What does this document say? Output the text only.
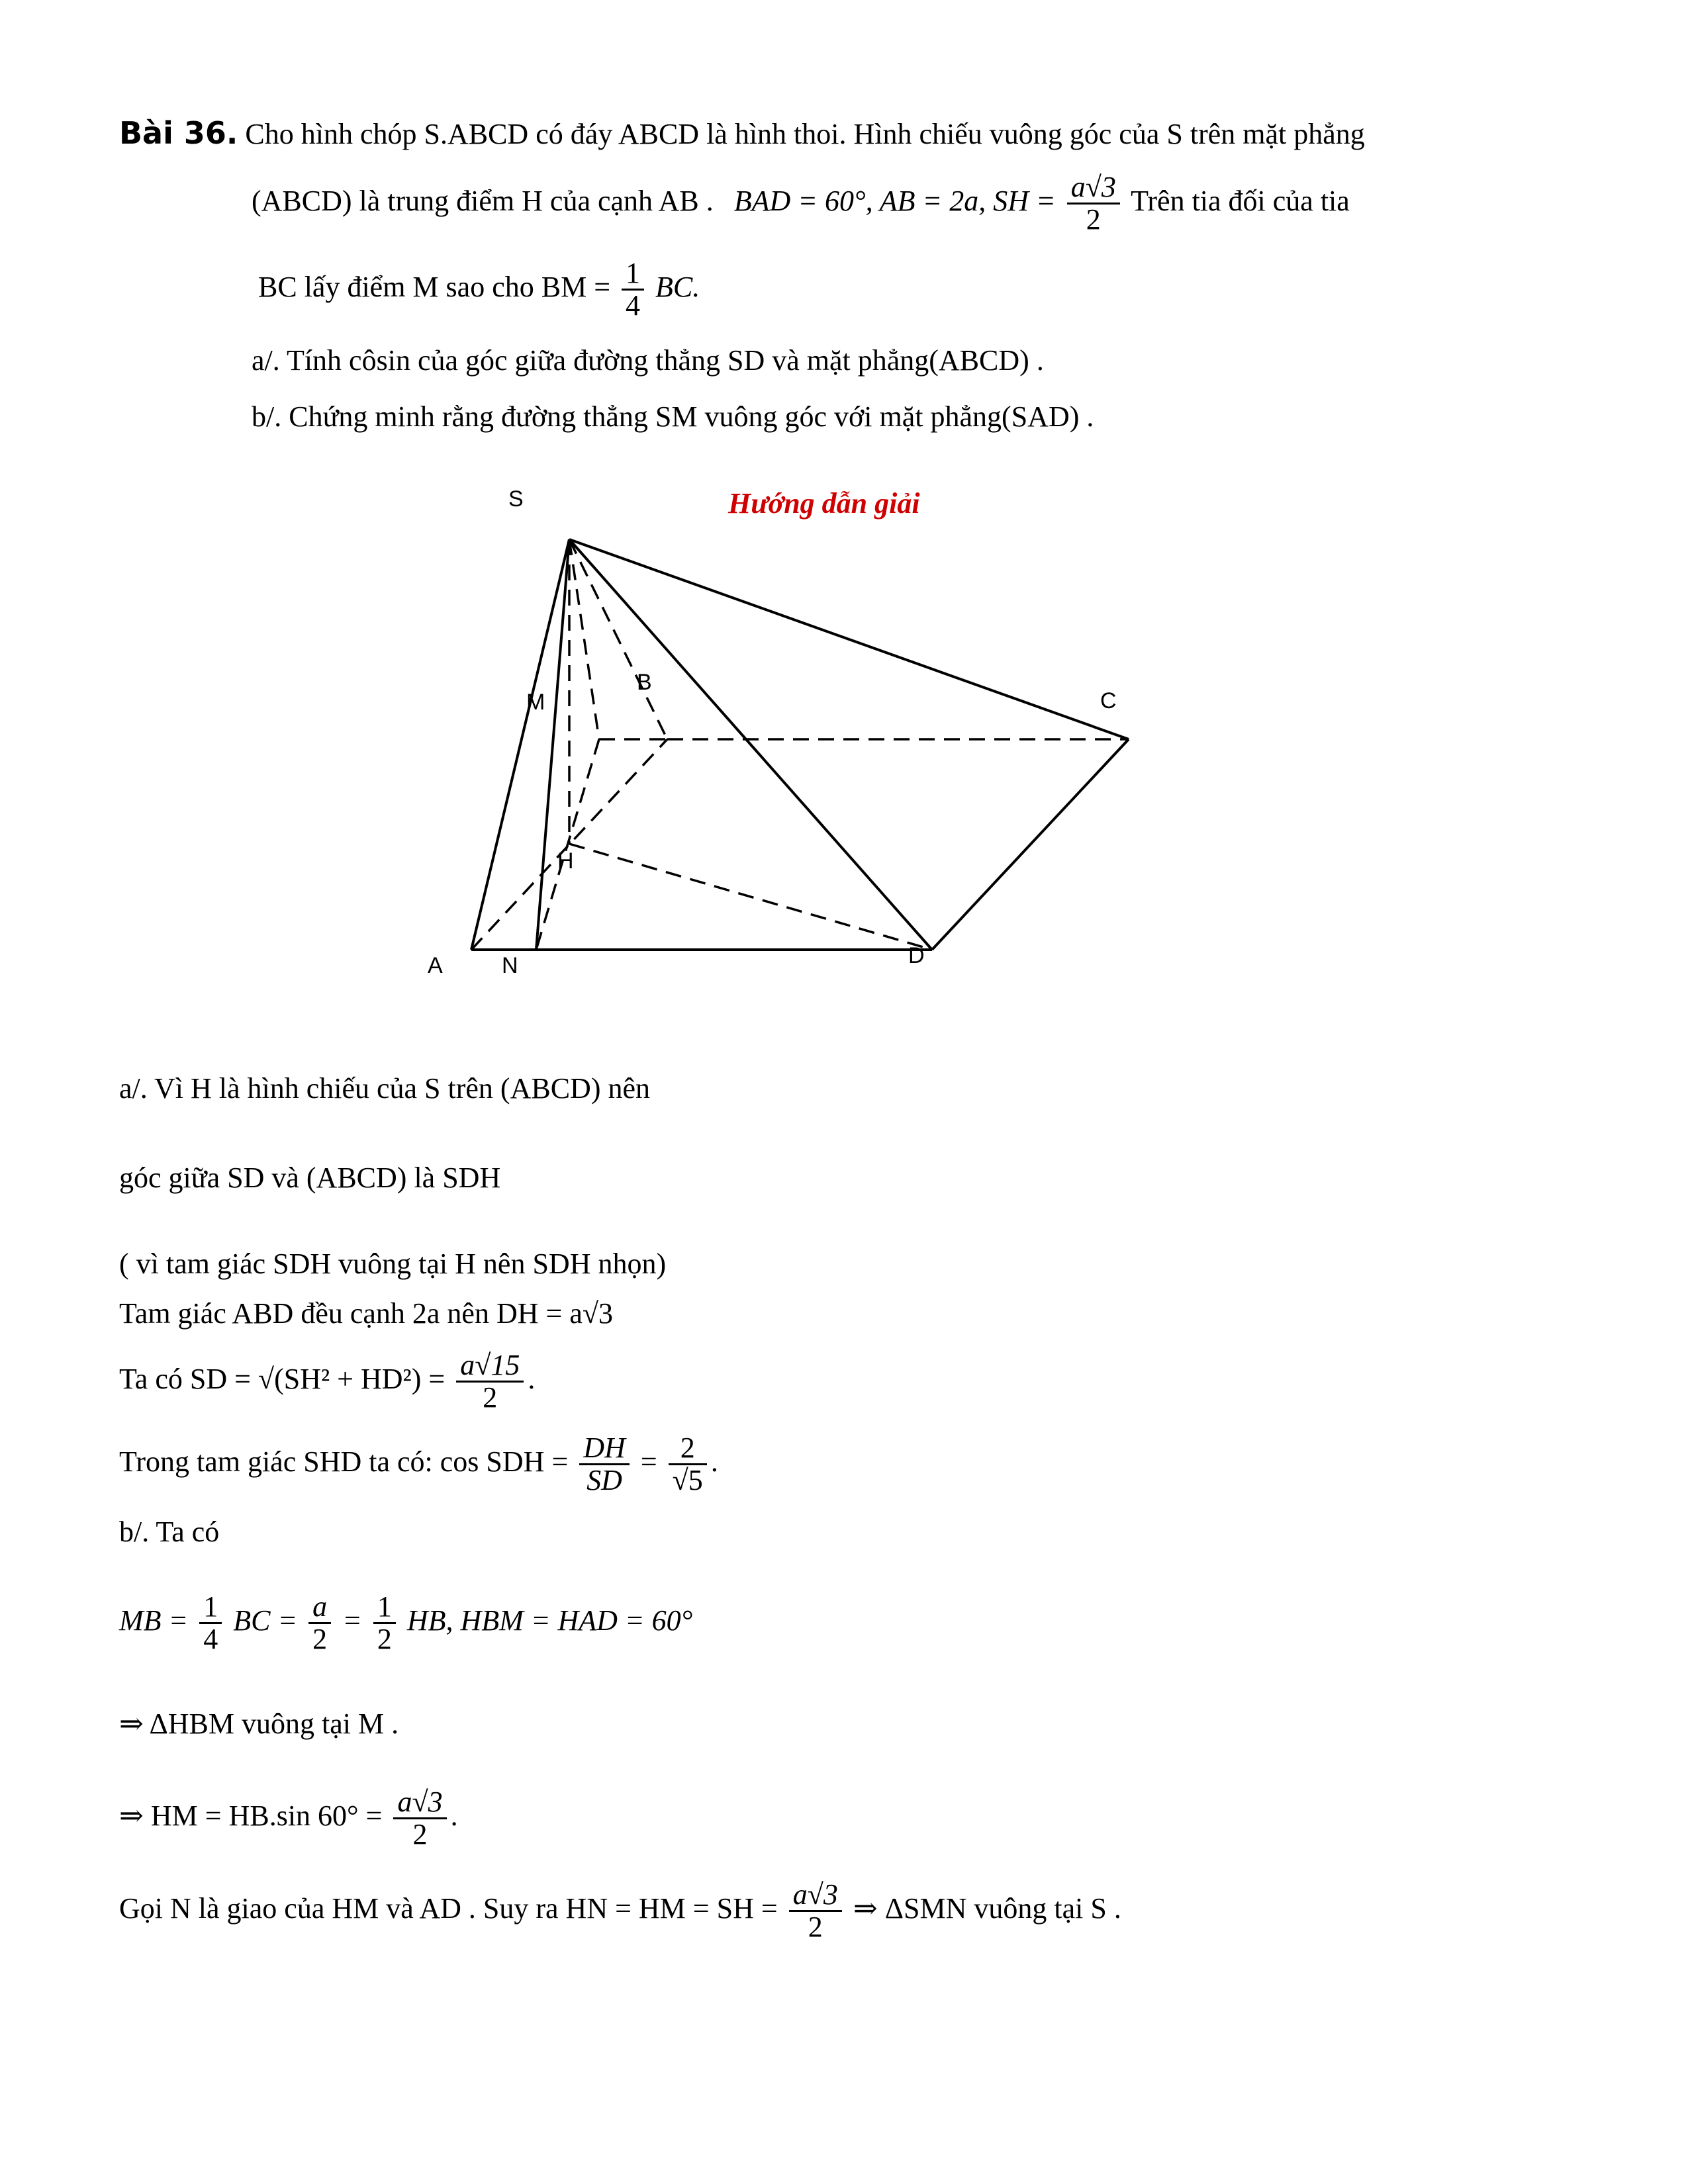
Bài 36. Cho hình chóp S.ABCD có đáy ABCD là hình thoi. Hình chiếu vuông góc của S trên mặt phẳng
(ABCD) là trung điểm H của cạnh AB . BAD = 60°, AB = 2a, SH = $\frac{a√3}{2}$ Trên tia đối của tia
BC lấy điểm M sao cho BM = $\frac{1}{4}$ BC.
a/. Tính côsin của góc giữa đường thẳng SD và mặt phẳng(ABCD) .
b/. Chứng minh rằng đường thẳng SM vuông góc với mặt phẳng(SAD) .
Hướng dẫn giải
S
B
M	C
H
A	N	D
a/. Vì H là hình chiếu của S trên (ABCD) nên
góc giữa SD và (ABCD) là SDH
( vì tam giác SDH vuông tại H nên SDH nhọn)
Tam giác ABD đều cạnh 2a nên DH = a√3
Ta có SD = $√(SH^2 + HD^2) = \frac{a√15}{2}$ .
Trong tam giác SHD ta có: cos SDH = $\frac{DH}{SD} = \frac{2}{√5}$ .
b/. Ta có
MB = $\frac{1}{4}$ BC = $\frac{a}{2} = \frac{1}{2}$ HB, HBM = HAD = 60°
⇒ ΔHBM vuông tại M .
⇒ HM = HB.sin $60^\circ = \frac{a√3}{2}$ .
Gọi N là giao của HM và AD . Suy ra HN = HM = SH = $\frac{a√3}{2}$ ⇒ ΔSMN vuông tại S .
